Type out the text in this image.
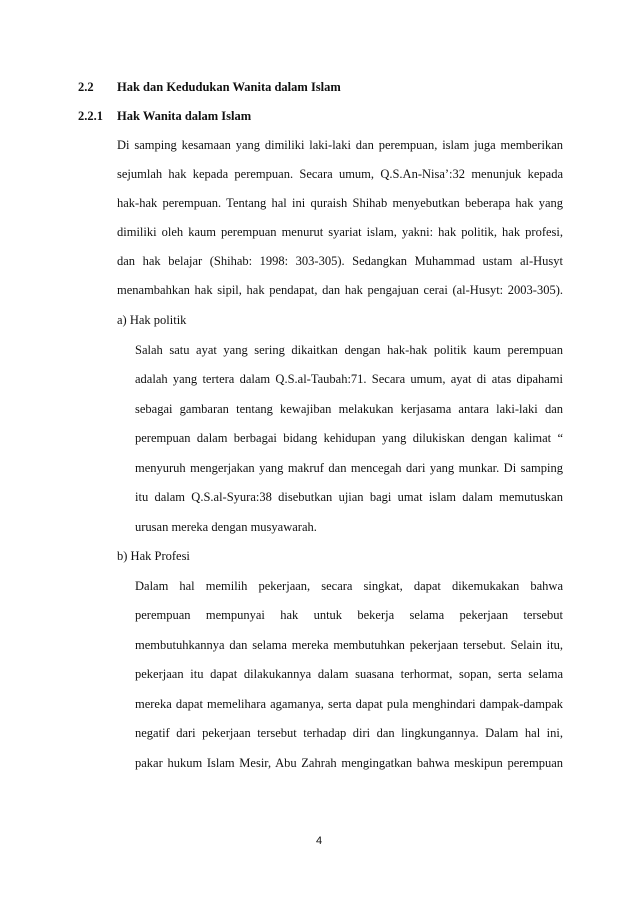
2.2 Hak dan Kedudukan Wanita dalam Islam
2.2.1 Hak Wanita dalam Islam
Di samping kesamaan yang dimiliki laki-laki dan perempuan, islam juga memberikan
sejumlah hak kepada perempuan. Secara umum, Q.S.An-Nisa’:32 menunjuk kepada
hak-hak perempuan. Tentang hal ini quraish Shihab menyebutkan beberapa hak yang
dimiliki oleh kaum perempuan menurut syariat islam, yakni: hak politik, hak profesi,
dan hak belajar (Shihab: 1998: 303-305). Sedangkan Muhammad ustam al-Husyt
menambahkan hak sipil, hak pendapat, dan hak pengajuan cerai (al-Husyt: 2003-305).
a) Hak politik
Salah satu ayat yang sering dikaitkan dengan hak-hak politik kaum perempuan
adalah yang tertera dalam Q.S.al-Taubah:71. Secara umum, ayat di atas dipahami
sebagai gambaran tentang kewajiban melakukan kerjasama antara laki-laki dan
perempuan dalam berbagai bidang kehidupan yang dilukiskan dengan kalimat “
menyuruh mengerjakan yang makruf dan mencegah dari yang munkar. Di samping
itu dalam Q.S.al-Syura:38 disebutkan ujian bagi umat islam dalam memutuskan
urusan mereka dengan musyawarah.
b) Hak Profesi
Dalam hal memilih pekerjaan, secara singkat, dapat dikemukakan bahwa
perempuan mempunyai hak untuk bekerja selama pekerjaan tersebut
membutuhkannya dan selama mereka membutuhkan pekerjaan tersebut. Selain itu,
pekerjaan itu dapat dilakukannya dalam suasana terhormat, sopan, serta selama
mereka dapat memelihara agamanya, serta dapat pula menghindari dampak-dampak
negatif dari pekerjaan tersebut terhadap diri dan lingkungannya. Dalam hal ini,
pakar hukum Islam Mesir, Abu Zahrah mengingatkan bahwa meskipun perempuan
4
